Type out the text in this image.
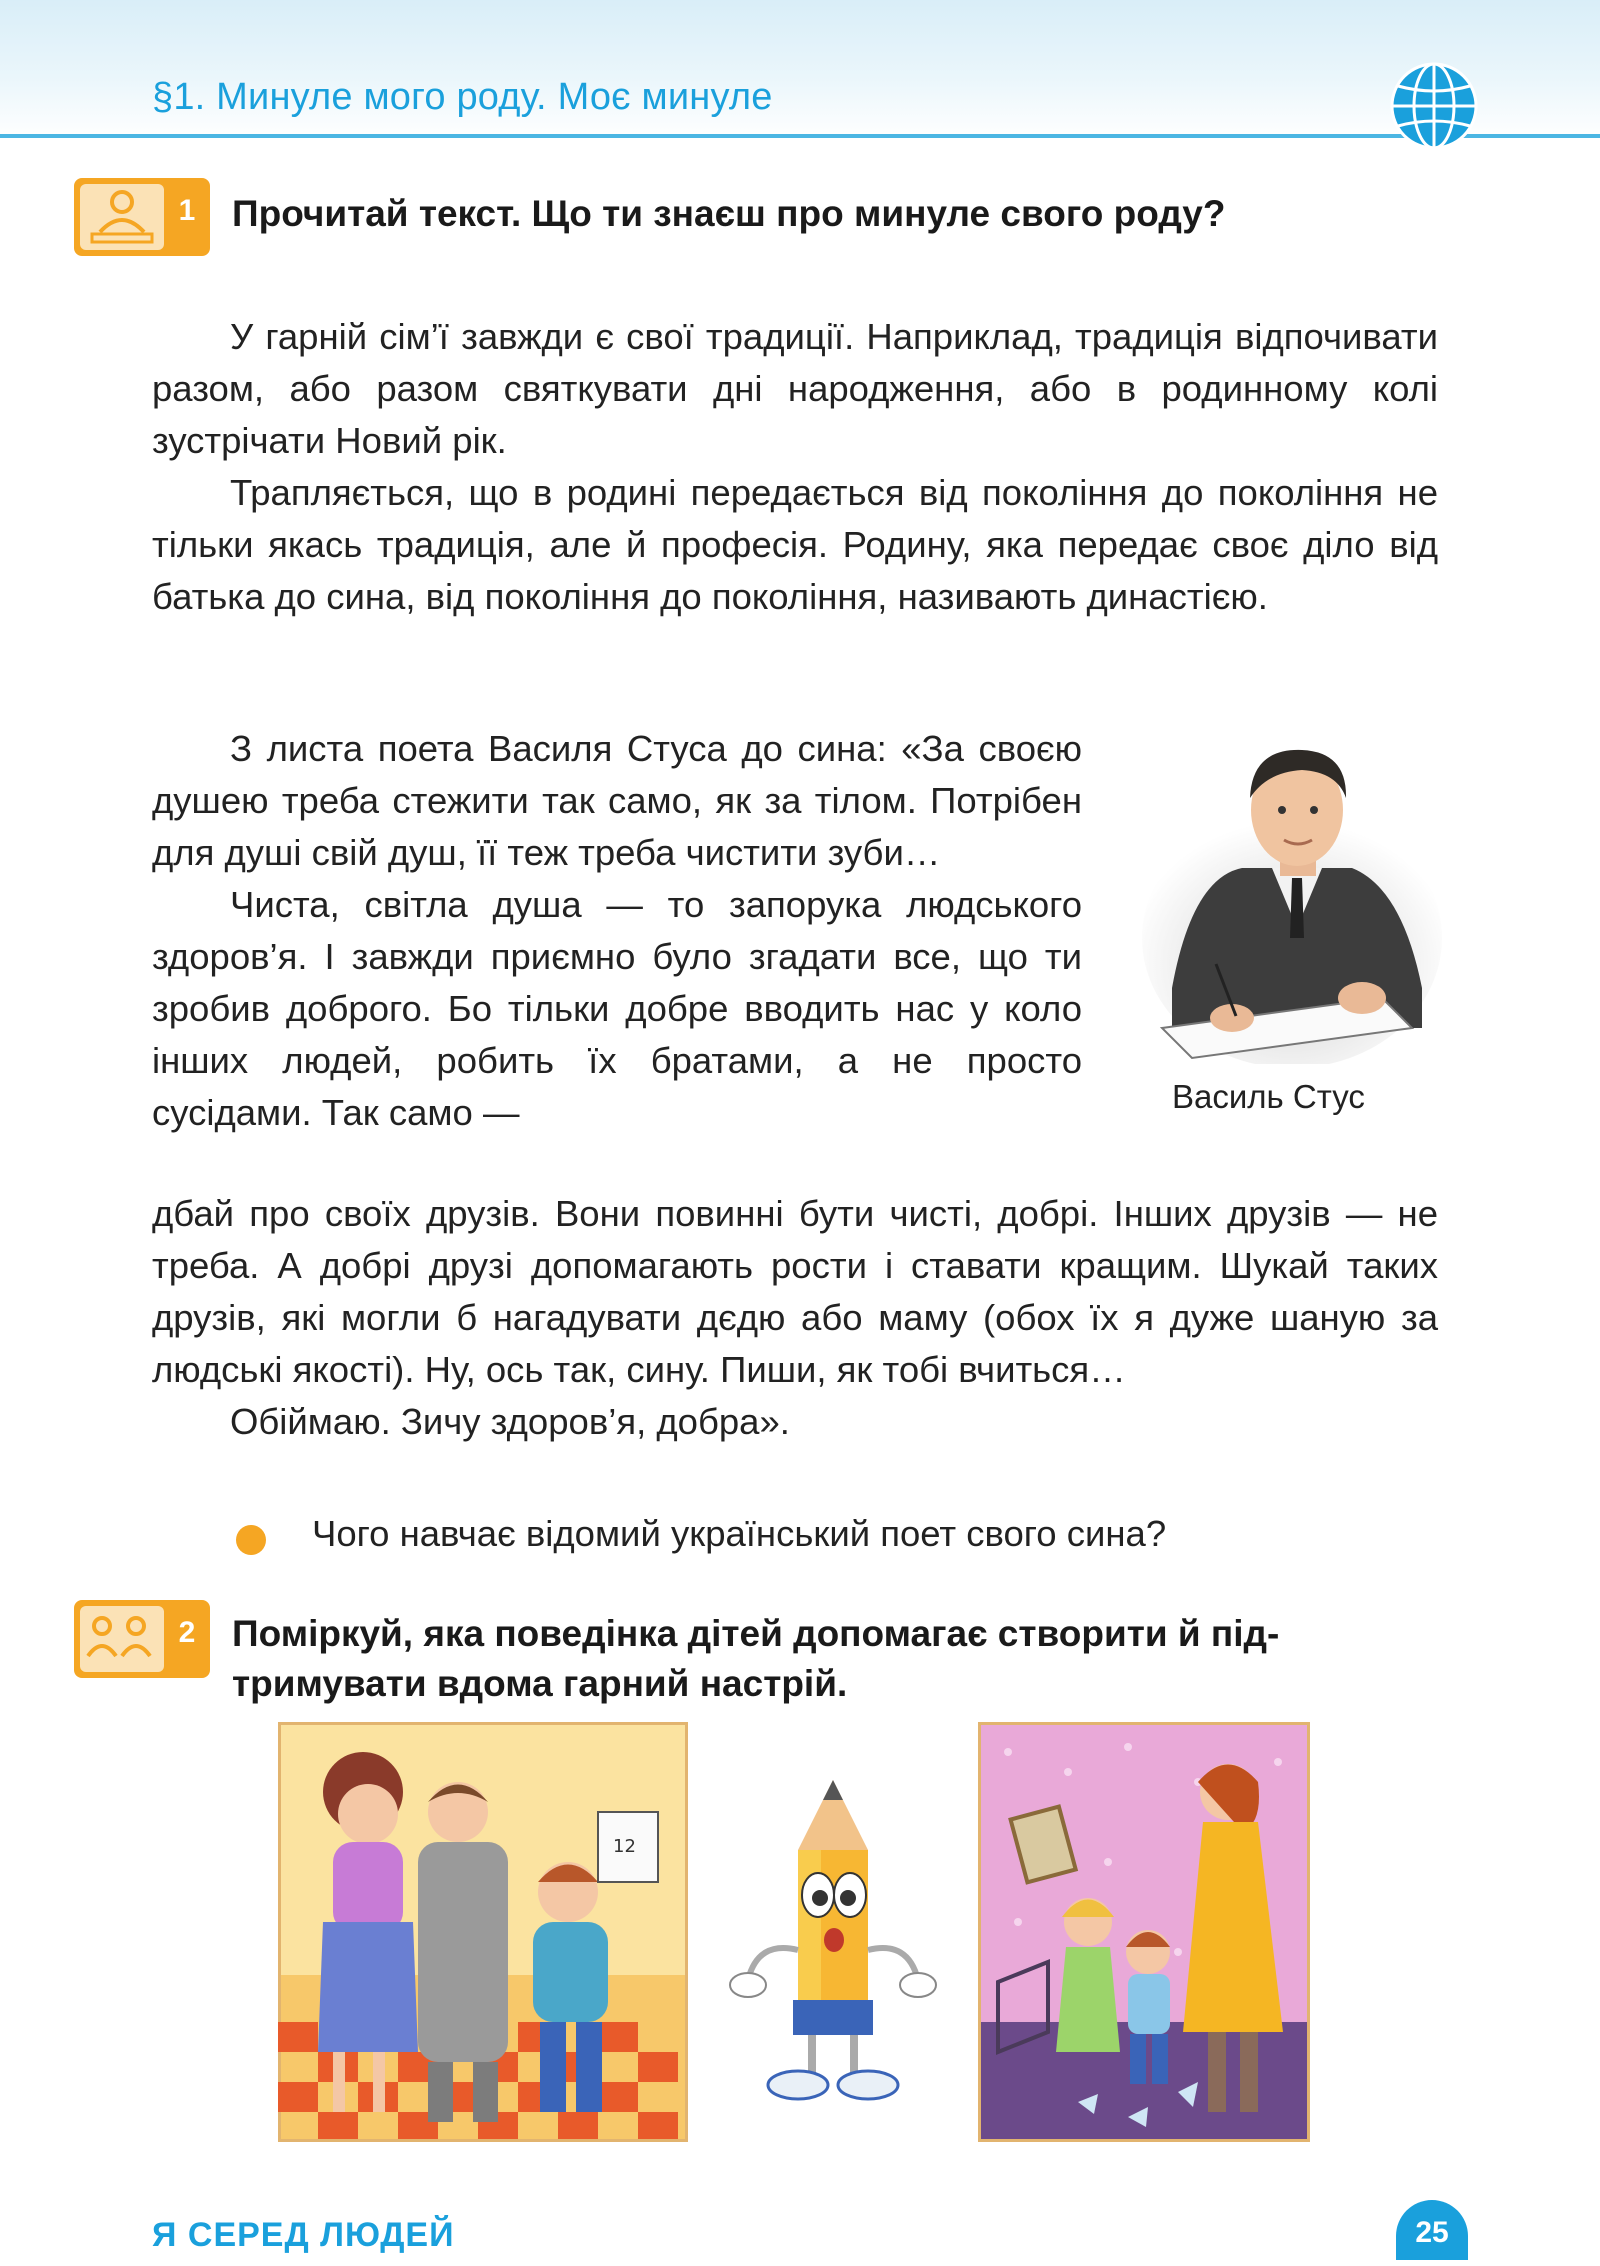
§1. Минуле мого роду. Моє минуле
1 Прочитай текст. Що ти знаєш про минуле свого роду?

У гарній сім’ї завжди є свої традиції. Наприклад, традиція відпочивати разом, або разом святкувати дні народження, або в родинному колі зустрічати Новий рік.

Трапляється, що в родині передається від покоління до покоління не тільки якась традиція, але й професія. Родину, яка передає своє діло від батька до сина, від покоління до покоління, називають династією.

З листа поета Василя Стуса до сина: «За своєю душею треба стежити так само, як за тілом. Потрібен для душі свій душ, її теж треба чистити зуби…

Чиста, світла душа — то запорука людського здоров’я. І завжди приємно було згадати все, що ти зробив доброго. Бо тільки добре вводить нас у коло інших людей, робить їх братами, а не просто сусідами. Так само —

дбай про своїх друзів. Вони повинні бути чисті, добрі. Інших друзів — не треба. А добрі друзі допомагають рости і ставати кращим. Шукай таких друзів, які могли б нагадувати дєдю або маму (обох їх я дуже шаную за людські якості). Ну, ось так, сину. Пиши, як тобі вчиться…

Обіймаю. Зичу здоров’я, добра».

Василь Стус
Чого навчає відомий український поет свого сина?
2 Поміркуй, яка поведінка дітей допомагає створити й під-
тримувати вдома гарний настрій.
12
Я СЕРЕД ЛЮДЕЙ	25
